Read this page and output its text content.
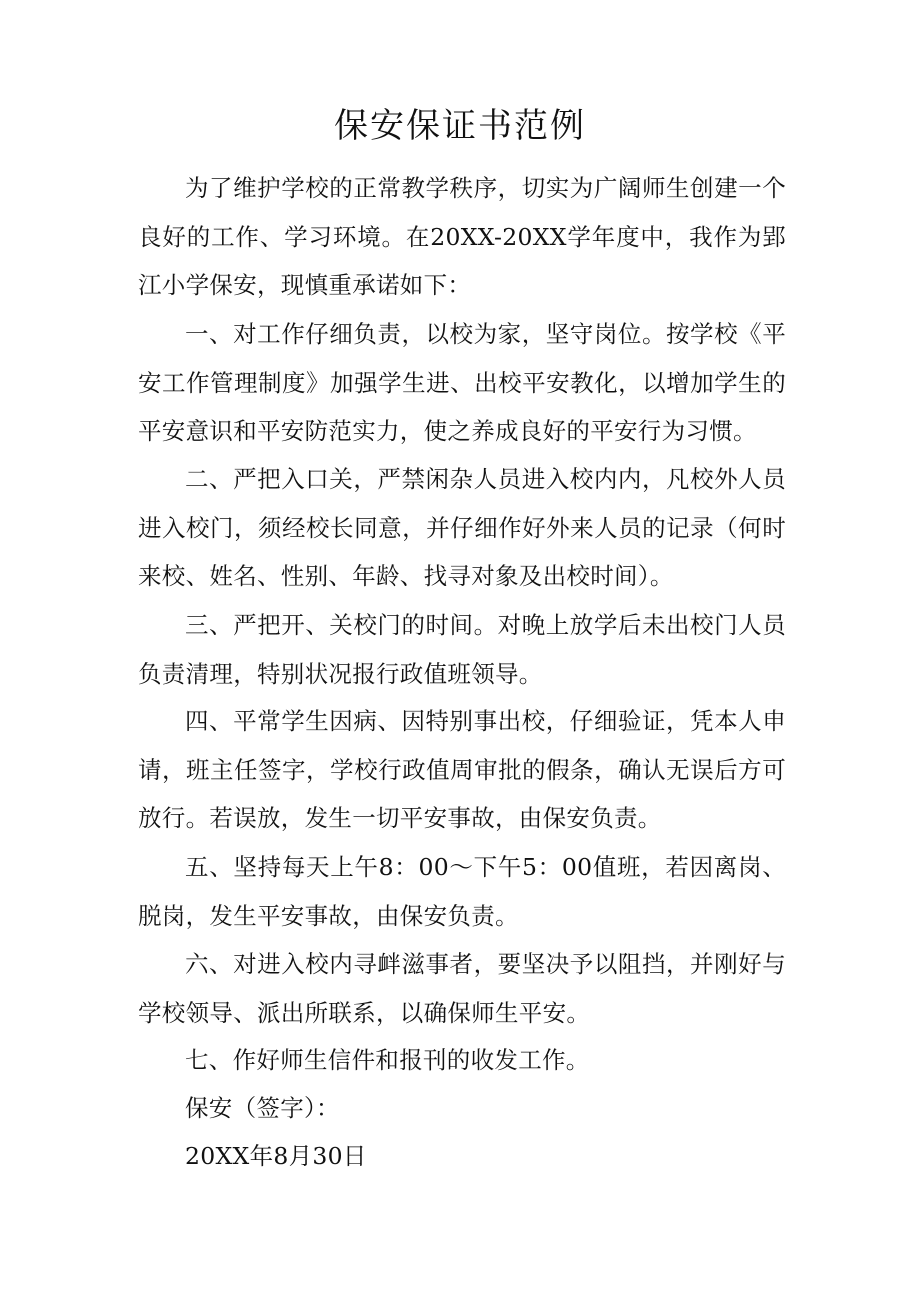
保安保证书范例

为了维护学校的正常教学秩序，切实为广阔师生创建一个良好的工作、学习环境。在20XX-20XX学年度中，我作为郢江小学保安，现慎重承诺如下：

一、对工作仔细负责，以校为家，坚守岗位。按学校《平安工作管理制度》加强学生进、出校平安教化，以增加学生的平安意识和平安防范实力，使之养成良好的平安行为习惯。

二、严把入口关，严禁闲杂人员进入校内内，凡校外人员进入校门，须经校长同意，并仔细作好外来人员的记录（何时来校、姓名、性别、年龄、找寻对象及出校时间）。

三、严把开、关校门的时间。对晚上放学后未出校门人员负责清理，特别状况报行政值班领导。

四、平常学生因病、因特别事出校，仔细验证，凭本人申请，班主任签字，学校行政值周审批的假条，确认无误后方可放行。若误放，发生一切平安事故，由保安负责。

五、坚持每天上午8：00～下午5：00值班，若因离岗、脱岗，发生平安事故，由保安负责。

六、对进入校内寻衅滋事者，要坚决予以阻挡，并刚好与学校领导、派出所联系，以确保师生平安。

七、作好师生信件和报刊的收发工作。

保安（签字）：

20XX年8月30日
